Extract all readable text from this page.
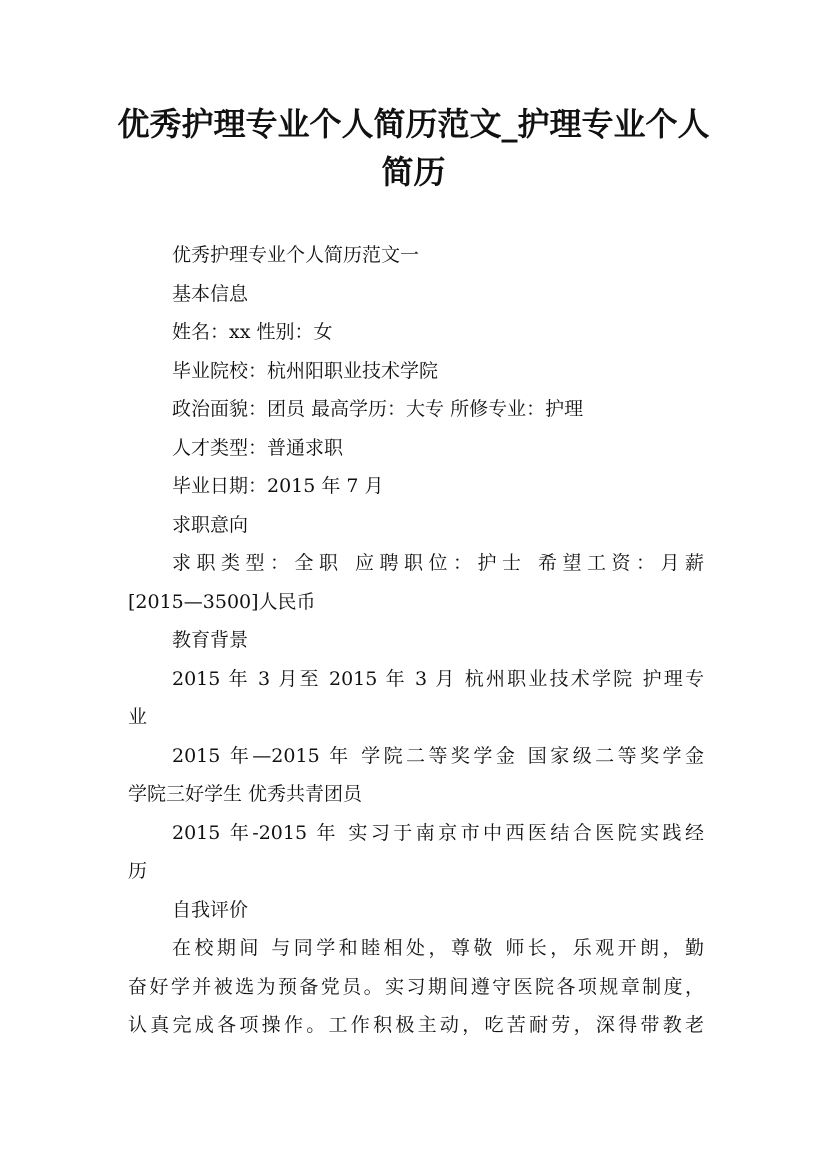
优秀护理专业个人简历范文_护理专业个人
简历
优秀护理专业个人简历范文一
基本信息
姓名：xx 性别：女
毕业院校：杭州阳职业技术学院
政治面貌：团员 最高学历：大专 所修专业：护理
人才类型：普通求职
毕业日期：2015 年 7 月
求职意向
求职类型：全职 应聘职位：护士 希望工资：月薪
[2015—3500]人民币
教育背景
2015 年 3 月至 2015 年 3 月 杭州职业技术学院 护理专
业
2015 年—2015 年 学院二等奖学金 国家级二等奖学金
学院三好学生 优秀共青团员
2015 年-2015 年 实习于南京市中西医结合医院实践经
历
自我评价
在校期间 与同学和睦相处，尊敬 师长，乐观开朗，勤
奋好学并被选为预备党员。实习期间遵守医院各项规章制度，
认真完成各项操作。工作积极主动，吃苦耐劳，深得带教老
